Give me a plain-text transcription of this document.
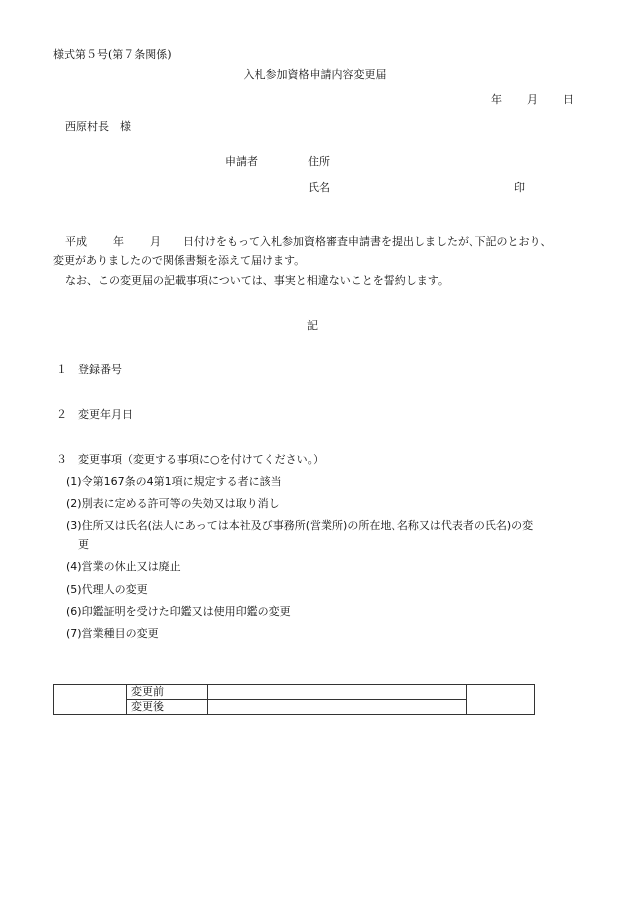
様式第５号(第７条関係)
入札参加資格申請内容変更届
年 月 日
西原村長　様
申請者	住所
氏名	印
平成 年 月 日付けをもって入札参加資格審査申請書を提出しましたが､下記のとおり、
変更がありましたので関係書類を添えて届けます。
なお、この変更届の記載事項については、事実と相違ないことを誓約します。
記
１ 登録番号
２ 変更年月日
３ 変更事項（変更する事項に○を付けてください。）
(1)令第167条の4第1項に規定する者に該当
(2)別表に定める許可等の失効又は取り消し
(3)住所又は氏名(法人にあっては本社及び事務所(営業所)の所在地､名称又は代表者の氏名)の変
更
(4)営業の休止又は廃止
(5)代理人の変更
(6)印鑑証明を受けた印鑑又は使用印鑑の変更
(7)営業種目の変更
	変更前		
	変更後		
